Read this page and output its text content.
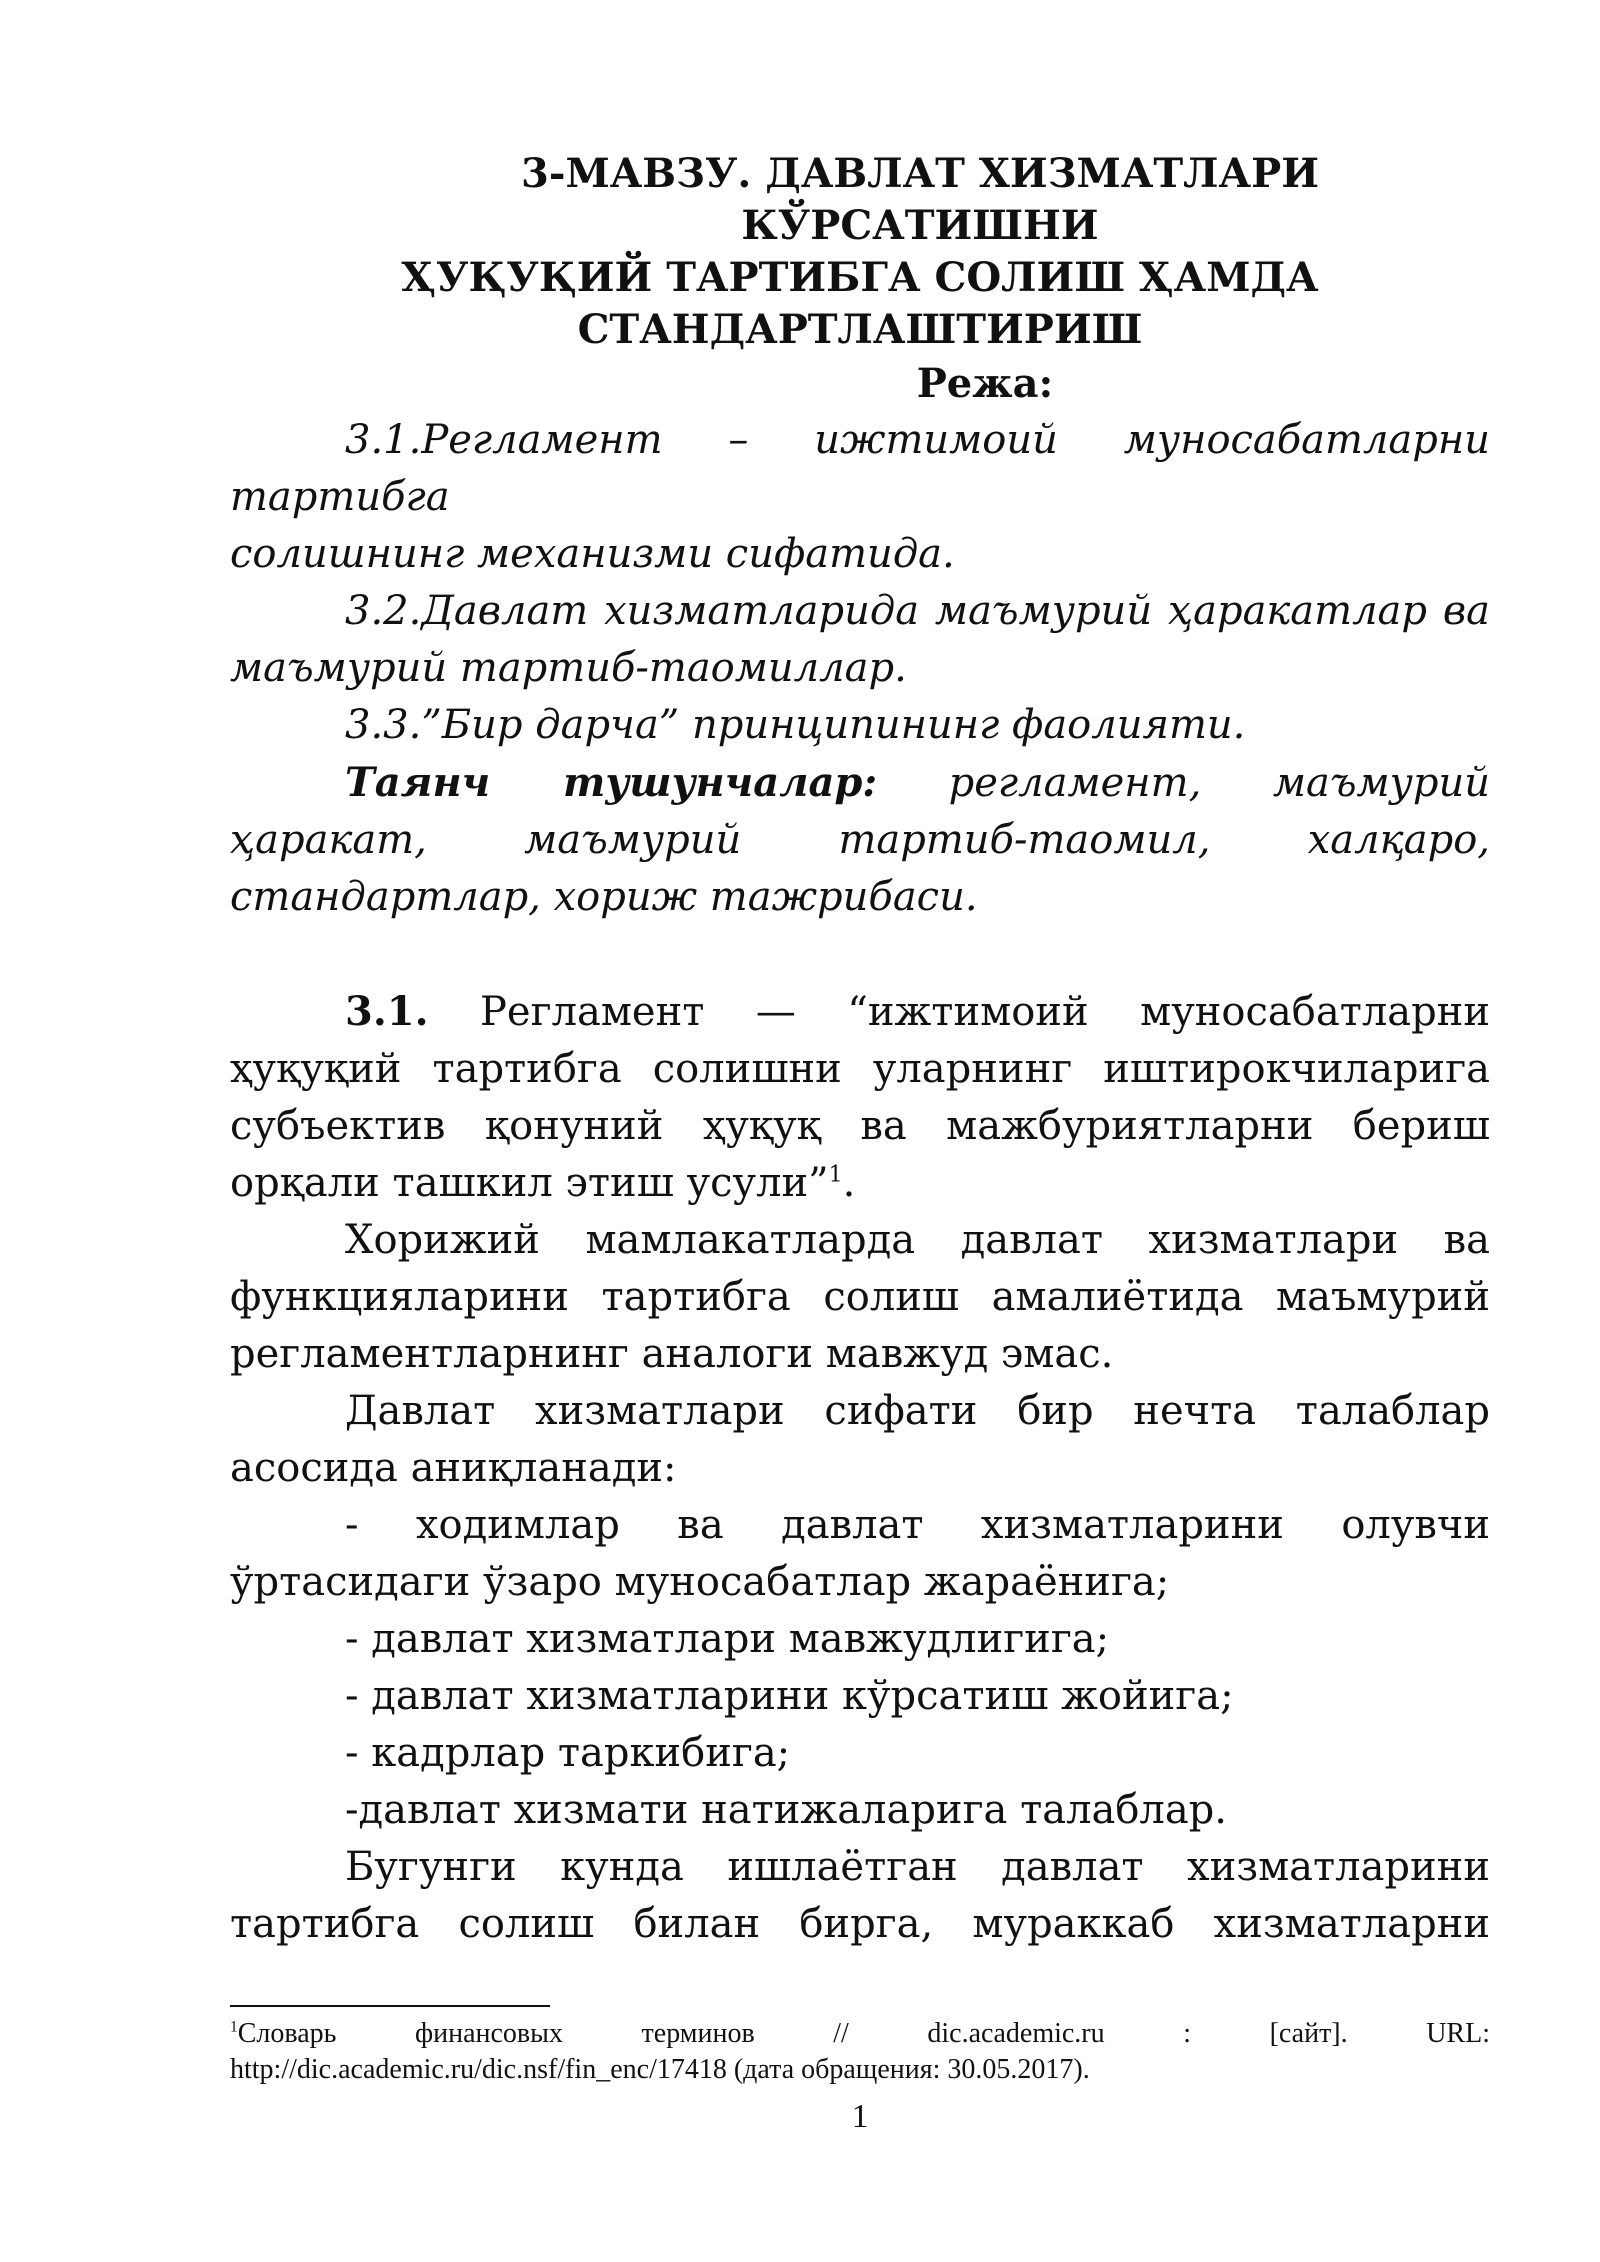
3-МАВЗУ. ДАВЛАТ ХИЗМАТЛАРИ КЎРСАТИШНИ
ҲУҚУҚИЙ ТАРТИБГА СОЛИШ ҲАМДА
СТАНДАРТЛАШТИРИШ
Режа:
3.1.Регламент – ижтимоий муносабатларни тартибга
солишнинг механизми сифатида.
3.2.Давлат хизматларида маъмурий ҳаракатлар ва маъмурий тартиб-таомиллар.
3.3.”Бир дарча” принципининг фаолияти.
Таянч тушунчалар: регламент, маъмурий ҳаракат, маъмурий тартиб-таомил, халқаро, стандартлар, хориж тажрибаси.

3.1. Регламент — “ижтимоий муносабатларни ҳуқуқий тартибга солишни уларнинг иштирокчиларига субъектив қонуний ҳуқуқ ва мажбуриятларни бериш орқали ташкил этиш усули”$^1$.

Хорижий мамлакатларда давлат хизматлари ва функцияларини тартибга солиш амалиётида маъмурий регламентларнинг аналоги мавжуд эмас.

Давлат хизматлари сифати бир нечта талаблар асосида аниқланади:

- ходимлар ва давлат хизматларини олувчи ўртасидаги ўзаро муносабатлар жараёнига;

- давлат хизматлари мавжудлигига;

- давлат хизматларини кўрсатиш жойига;

- кадрлар таркибига;

-давлат хизмати натижаларига талаблар.

Бугунги кунда ишлаётган давлат хизматларини тартибга солиш билан бирга, мураккаб хизматларни

$^1$Словарь финансовых терминов // dic.academic.ru : [сайт]. URL: http://dic.academic.ru/dic.nsf/fin_enc/17418 (дата обращения: 30.05.2017).
1
